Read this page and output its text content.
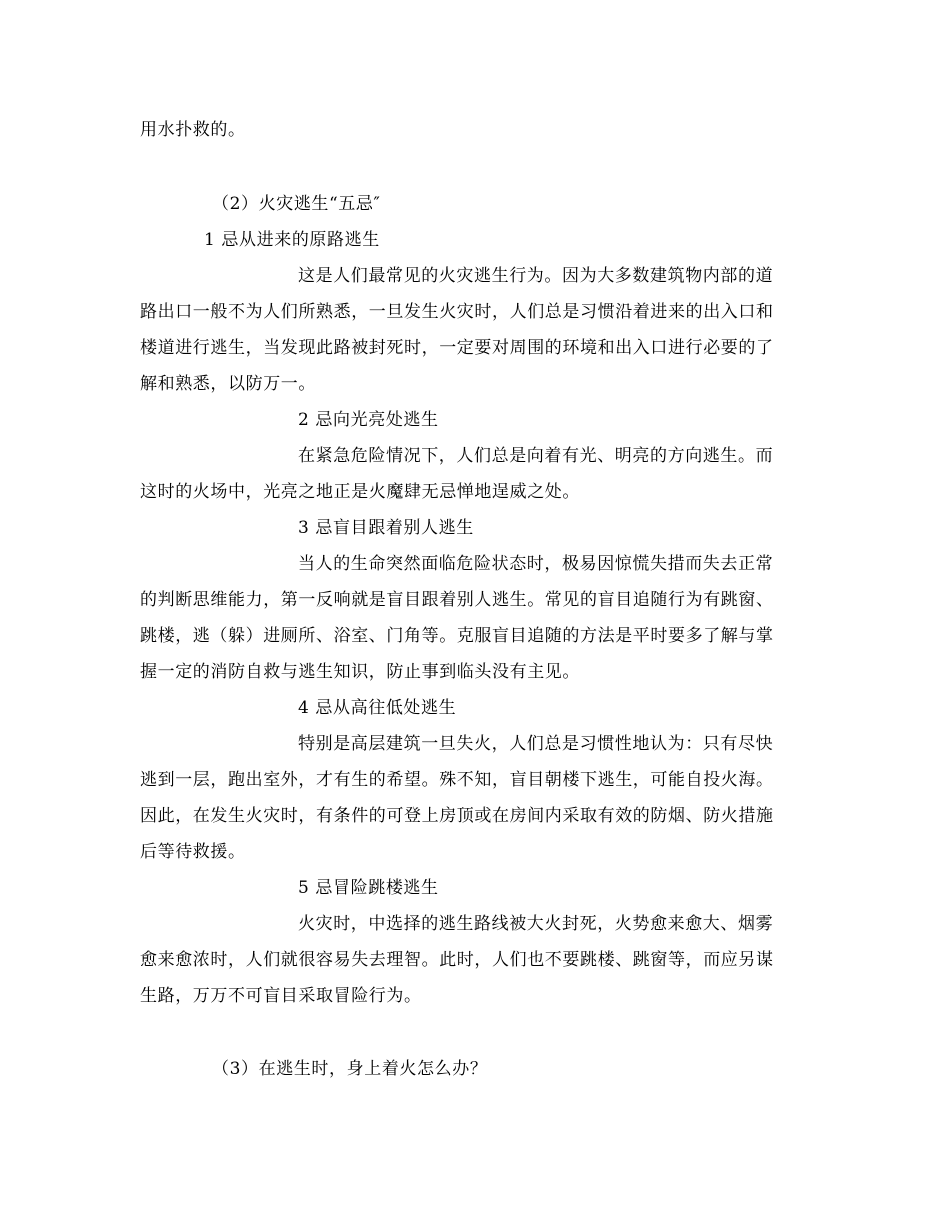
用水扑救的。
（2）火灾逃生“五忌″
1 忌从进来的原路逃生
这是人们最常见的火灾逃生行为。因为大多数建筑物内部的道
路出口一般不为人们所熟悉，一旦发生火灾时，人们总是习惯沿着进来的出入口和
楼道进行逃生，当发现此路被封死时，一定要对周围的环境和出入口进行必要的了
解和熟悉，以防万一。
2 忌向光亮处逃生
在紧急危险情况下，人们总是向着有光、明亮的方向逃生。而
这时的火场中，光亮之地正是火魔肆无忌惮地逞威之处。
3 忌盲目跟着别人逃生
当人的生命突然面临危险状态时，极易因惊慌失措而失去正常
的判断思维能力，第一反响就是盲目跟着别人逃生。常见的盲目追随行为有跳窗、
跳楼，逃（躲）进厕所、浴室、门角等。克服盲目追随的方法是平时要多了解与掌
握一定的消防自救与逃生知识，防止事到临头没有主见。
4 忌从高往低处逃生
特别是高层建筑一旦失火，人们总是习惯性地认为：只有尽快
逃到一层，跑出室外，才有生的希望。殊不知，盲目朝楼下逃生，可能自投火海。
因此，在发生火灾时，有条件的可登上房顶或在房间内采取有效的防烟、防火措施
后等待救援。
5 忌冒险跳楼逃生
火灾时，中选择的逃生路线被大火封死，火势愈来愈大、烟雾
愈来愈浓时，人们就很容易失去理智。此时，人们也不要跳楼、跳窗等，而应另谋
生路，万万不可盲目采取冒险行为。
（3）在逃生时，身上着火怎么办？
